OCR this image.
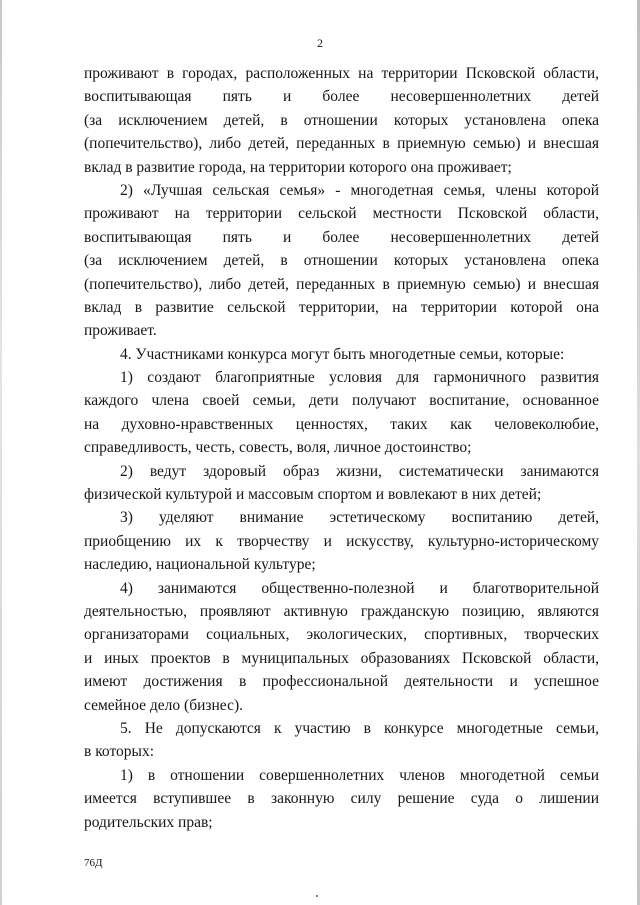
2
проживают в городах, расположенных на территории Псковской области,
воспитывающая пять и более несовершеннолетних детей
(за исключением детей, в отношении которых установлена опека
(попечительство), либо детей, переданных в приемную семью) и внесшая
вклад в развитие города, на территории которого она проживает;
2) «Лучшая сельская семья» - многодетная семья, члены которой
проживают на территории сельской местности Псковской области,
воспитывающая пять и более несовершеннолетних детей
(за исключением детей, в отношении которых установлена опека
(попечительство), либо детей, переданных в приемную семью) и внесшая
вклад в развитие сельской территории, на территории которой она
проживает.
4. Участниками конкурса могут быть многодетные семьи, которые:
1) создают благоприятные условия для гармоничного развития
каждого члена своей семьи, дети получают воспитание, основанное
на духовно-нравственных ценностях, таких как человеколюбие,
справедливость, честь, совесть, воля, личное достоинство;
2) ведут здоровый образ жизни, систематически занимаются
физической культурой и массовым спортом и вовлекают в них детей;
3) уделяют внимание эстетическому воспитанию детей,
приобщению их к творчеству и искусству, культурно-историческому
наследию, национальной культуре;
4) занимаются общественно-полезной и благотворительной
деятельностью, проявляют активную гражданскую позицию, являются
организаторами социальных, экологических, спортивных, творческих
и иных проектов в муниципальных образованиях Псковской области,
имеют достижения в профессиональной деятельности и успешное
семейное дело (бизнес).
5. Не допускаются к участию в конкурсе многодетные семьи,
в которых:
1) в отношении совершеннолетних членов многодетной семьи
имеется вступившее в законную силу решение суда о лишении
родительских прав;
76Д
